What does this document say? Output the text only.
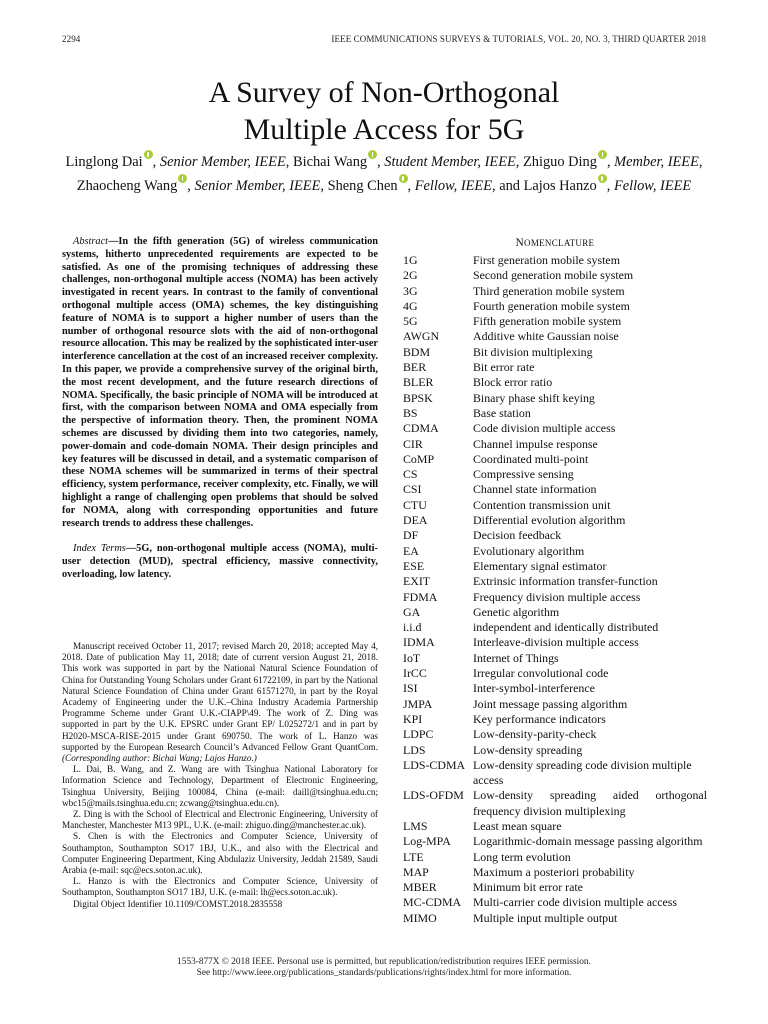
2294	IEEE COMMUNICATIONS SURVEYS & TUTORIALS, VOL. 20, NO. 3, THIRD QUARTER 2018
A Survey of Non-Orthogonal
Multiple Access for 5G
Linglong Dai , Senior Member, IEEE, Bichai Wang , Student Member, IEEE, Zhiguo Ding , Member, IEEE,
Zhaocheng Wang , Senior Member, IEEE, Sheng Chen , Fellow, IEEE, and Lajos Hanzo , Fellow, IEEE

Abstract—In the fifth generation (5G) of wireless communication systems, hitherto unprecedented requirements are expected to be satisfied. As one of the promising techniques of addressing these challenges, non-orthogonal multiple access (NOMA) has been actively investigated in recent years. In contrast to the family of conventional orthogonal multiple access (OMA) schemes, the key distinguishing feature of NOMA is to support a higher number of users than the number of orthogonal resource slots with the aid of non-orthogonal resource allocation. This may be realized by the sophisticated inter-user interference cancellation at the cost of an increased receiver complexity. In this paper, we provide a comprehensive survey of the original birth, the most recent development, and the future research directions of NOMA. Specifically, the basic principle of NOMA will be introduced at first, with the comparison between NOMA and OMA especially from the perspective of information theory. Then, the prominent NOMA schemes are discussed by dividing them into two categories, namely, power-domain and code-domain NOMA. Their design principles and key features will be discussed in detail, and a systematic comparison of these NOMA schemes will be summarized in terms of their spectral efficiency, system performance, receiver complexity, etc. Finally, we will highlight a range of challenging open problems that should be solved for NOMA, along with corresponding opportunities and future research trends to address these challenges.

Index Terms—5G, non-orthogonal multiple access (NOMA), multi-user detection (MUD), spectral efficiency, massive connectivity, overloading, low latency.

Manuscript received October 11, 2017; revised March 20, 2018; accepted May 4, 2018. Date of publication May 11, 2018; date of current version August 21, 2018. This work was supported in part by the National Natural Science Foundation of China for Outstanding Young Scholars under Grant 61722109, in part by the National Natural Science Foundation of China under Grant 61571270, in part by the Royal Academy of Engineering under the U.K.–China Industry Academia Partnership Programme Scheme under Grant U.K.-CIAPP\49. The work of Z. Ding was supported in part by the U.K. EPSRC under Grant EP/ L025272/1 and in part by H2020-MSCA-RISE-2015 under Grant 690750. The work of L. Hanzo was supported by the European Research Council’s Advanced Fellow Grant QuantCom. (Corresponding author: Bichai Wang; Lajos Hanzo.)

L. Dai, B. Wang, and Z. Wang are with Tsinghua National Laboratory for Information Science and Technology, Department of Electronic Engineering, Tsinghua University, Beijing 100084, China (e-mail: daill@tsinghua.edu.cn; wbc15@mails.tsinghua.edu.cn; zcwang@tsinghua.edu.cn).

Z. Ding is with the School of Electrical and Electronic Engineering, University of Manchester, Manchester M13 9PL, U.K. (e-mail: zhiguo.ding@manchester.ac.uk).

S. Chen is with the Electronics and Computer Science, University of Southampton, Southampton SO17 1BJ, U.K., and also with the Electrical and Computer Engineering Department, King Abdulaziz University, Jeddah 21589, Saudi Arabia (e-mail: sqc@ecs.soton.ac.uk).

L. Hanzo is with the Electronics and Computer Science, University of Southampton, Southampton SO17 1BJ, U.K. (e-mail: lh@ecs.soton.ac.uk).

Digital Object Identifier 10.1109/COMST.2018.2835558

NOMENCLATURE
1G	First generation mobile system
2G	Second generation mobile system
3G	Third generation mobile system
4G	Fourth generation mobile system
5G	Fifth generation mobile system
AWGN	Additive white Gaussian noise
BDM	Bit division multiplexing
BER	Bit error rate
BLER	Block error ratio
BPSK	Binary phase shift keying
BS	Base station
CDMA	Code division multiple access
CIR	Channel impulse response
CoMP	Coordinated multi-point
CS	Compressive sensing
CSI	Channel state information
CTU	Contention transmission unit
DEA	Differential evolution algorithm
DF	Decision feedback
EA	Evolutionary algorithm
ESE	Elementary signal estimator
EXIT	Extrinsic information transfer-function
FDMA	Frequency division multiple access
GA	Genetic algorithm
i.i.d	independent and identically distributed
IDMA	Interleave-division multiple access
IoT	Internet of Things
IrCC	Irregular convolutional code
ISI	Inter-symbol-interference
JMPA	Joint message passing algorithm
KPI	Key performance indicators
LDPC	Low-density-parity-check
LDS	Low-density spreading
LDS-CDMA Low-density spreading code division multiple access
LDS-OFDM Low-density spreading aided orthogonal frequency division multiplexing
LMS	Least mean square
Log-MPA	Logarithmic-domain message passing algorithm
LTE	Long term evolution
MAP	Maximum a posteriori probability
MBER	Minimum bit error rate
MC-CDMA Multi-carrier code division multiple access
MIMO	Multiple input multiple output
1553-877X © 2018 IEEE. Personal use is permitted, but republication/redistribution requires IEEE permission.
See http://www.ieee.org/publications_standards/publications/rights/index.html for more information.
